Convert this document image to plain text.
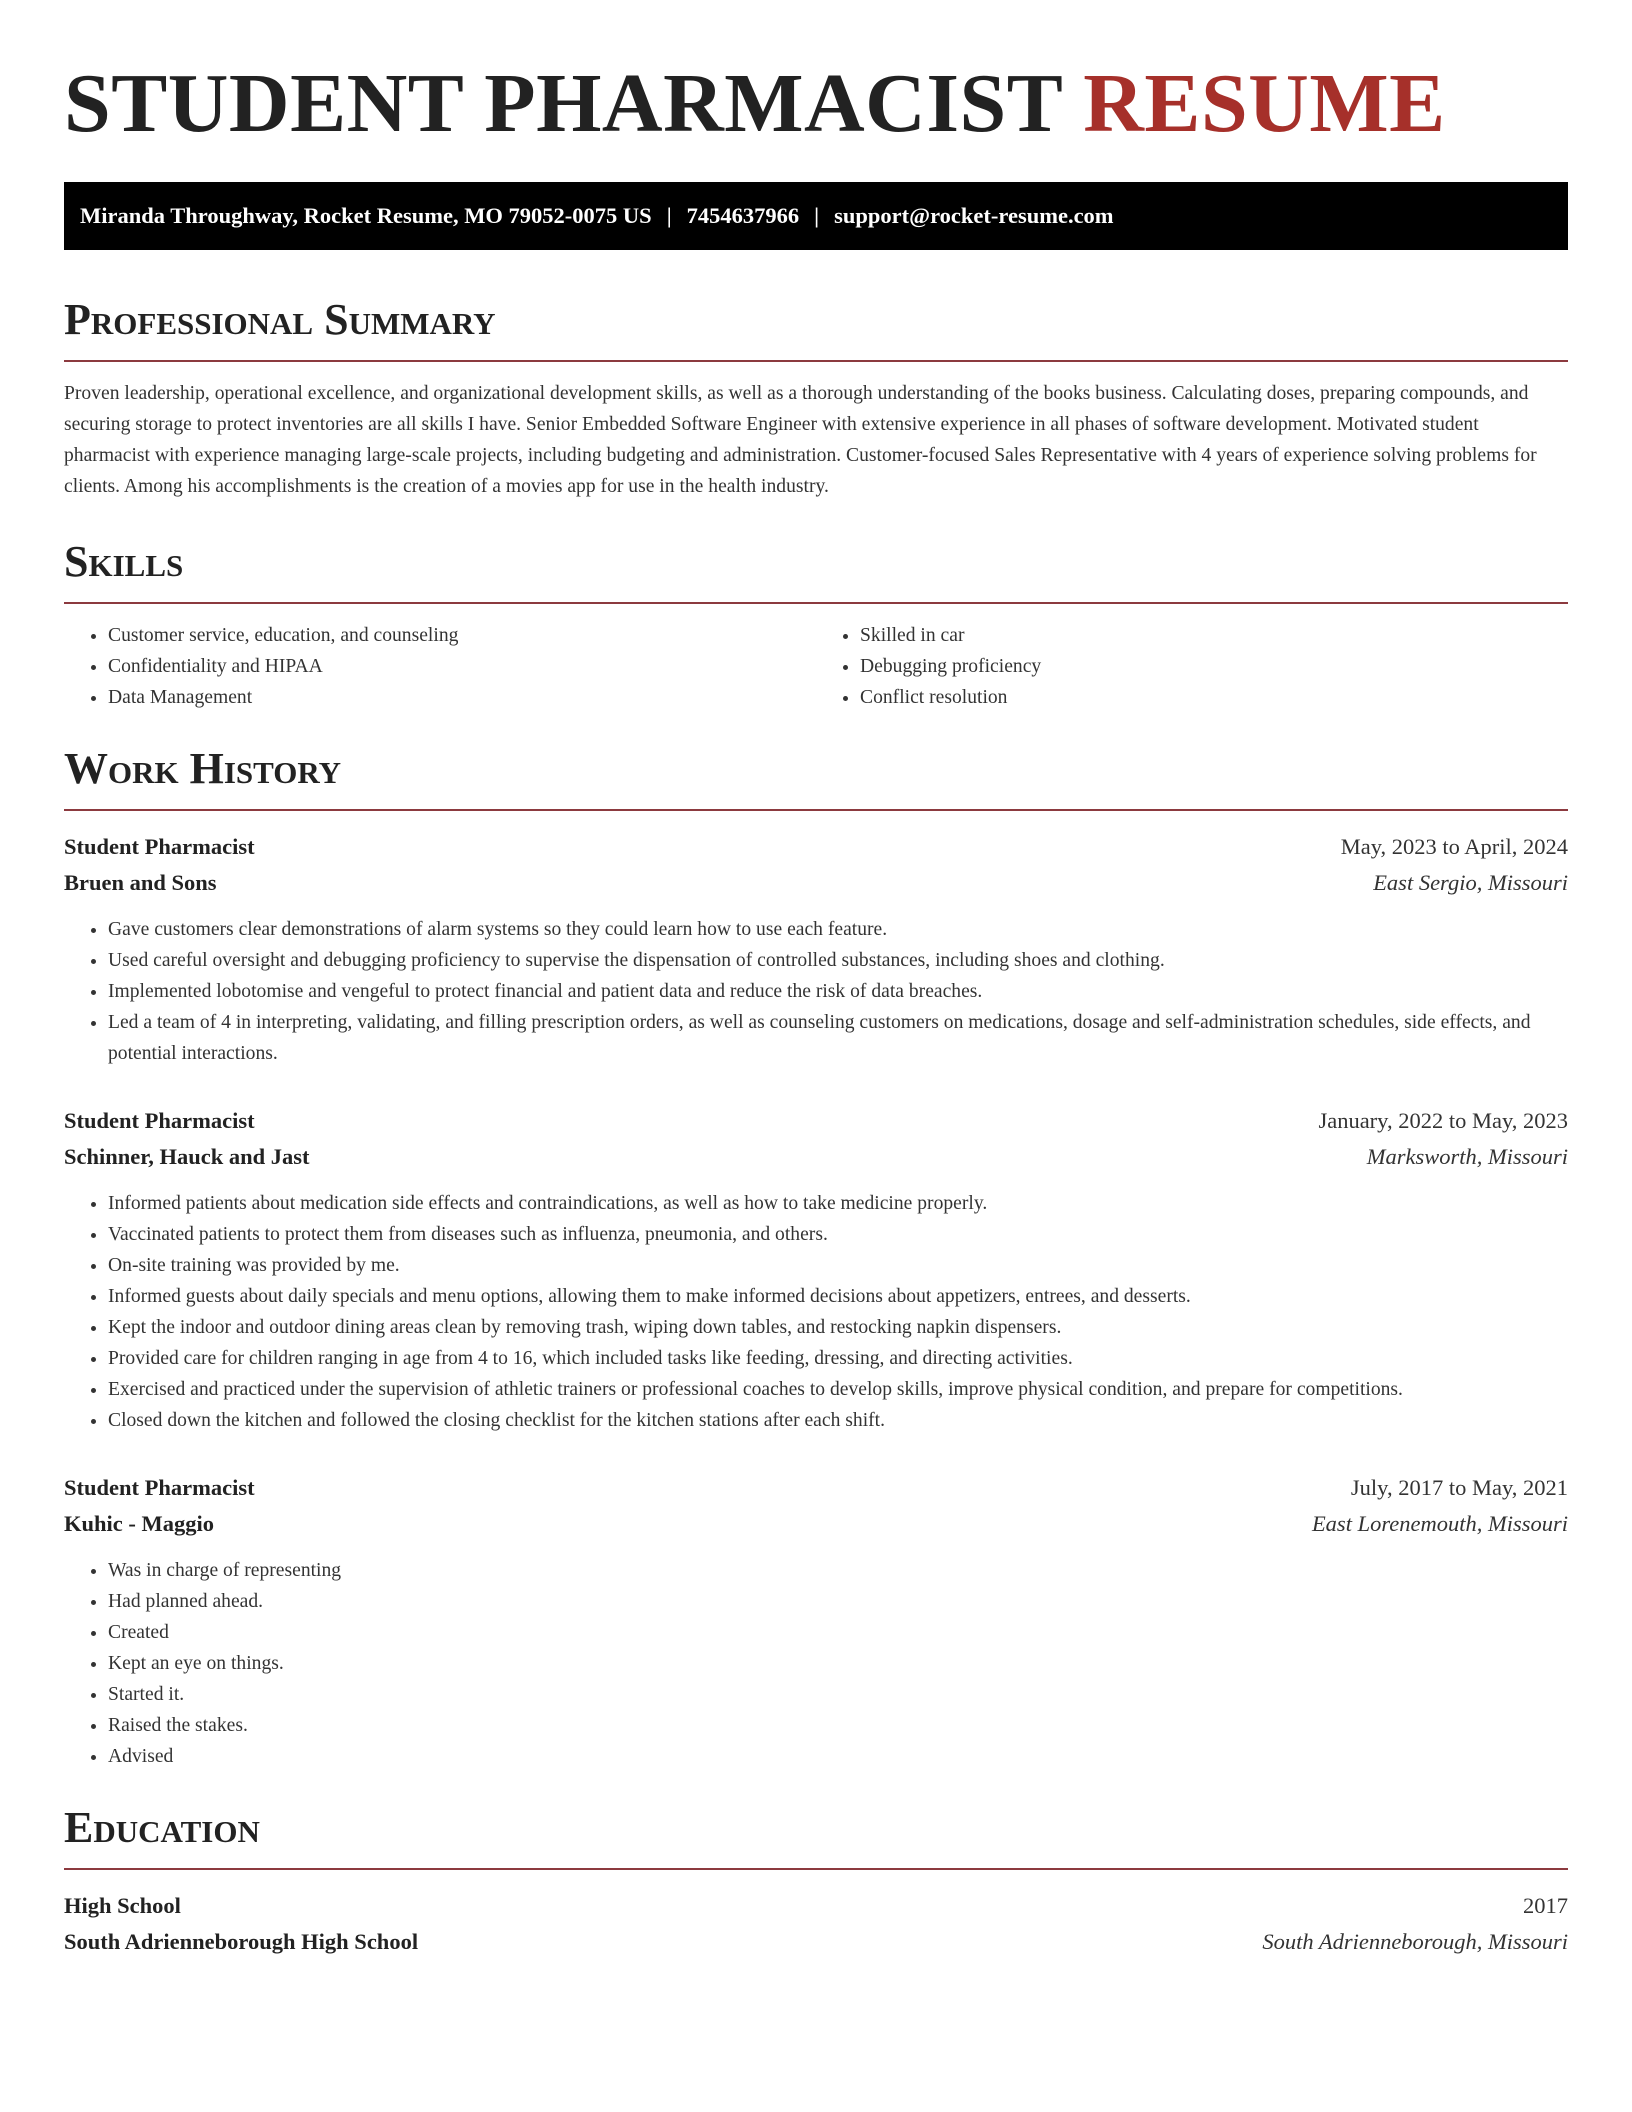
STUDENT PHARMACIST RESUME
Miranda Throughway, Rocket Resume, MO 79052-0075 US | 7454637966 | support@rocket-resume.com
Professional Summary

Proven leadership, operational excellence, and organizational development skills, as well as a thorough understanding of the books business. Calculating doses, preparing compounds, and securing storage to protect inventories are all skills I have. Senior Embedded Software Engineer with extensive experience in all phases of software development. Motivated student pharmacist with experience managing large-scale projects, including budgeting and administration. Customer-focused Sales Representative with 4 years of experience solving problems for clients. Among his accomplishments is the creation of a movies app for use in the health industry.

Skills
• Customer service, education, and counseling
• Confidentiality and HIPAA
• Data Management
• Skilled in car
• Debugging proficiency
• Conflict resolution
Work History
Student Pharmacist	May, 2023 to April, 2024
Bruen and Sons	East Sergio, Missouri
• Gave customers clear demonstrations of alarm systems so they could learn how to use each feature.
• Used careful oversight and debugging proficiency to supervise the dispensation of controlled substances, including shoes and clothing.
• Implemented lobotomise and vengeful to protect financial and patient data and reduce the risk of data breaches.
• Led a team of 4 in interpreting, validating, and filling prescription orders, as well as counseling customers on medications, dosage and self-administration schedules, side effects, and potential interactions.
Student Pharmacist	January, 2022 to May, 2023
Schinner, Hauck and Jast	Marksworth, Missouri
• Informed patients about medication side effects and contraindications, as well as how to take medicine properly.
• Vaccinated patients to protect them from diseases such as influenza, pneumonia, and others.
• On-site training was provided by me.
• Informed guests about daily specials and menu options, allowing them to make informed decisions about appetizers, entrees, and desserts.
• Kept the indoor and outdoor dining areas clean by removing trash, wiping down tables, and restocking napkin dispensers.
• Provided care for children ranging in age from 4 to 16, which included tasks like feeding, dressing, and directing activities.
• Exercised and practiced under the supervision of athletic trainers or professional coaches to develop skills, improve physical condition, and prepare for competitions.
• Closed down the kitchen and followed the closing checklist for the kitchen stations after each shift.
Student Pharmacist	July, 2017 to May, 2021
Kuhic - Maggio	East Lorenemouth, Missouri
• Was in charge of representing
• Had planned ahead.
• Created
• Kept an eye on things.
• Started it.
• Raised the stakes.
• Advised
Education
High School	2017
South Adrienneborough High School	South Adrienneborough, Missouri
